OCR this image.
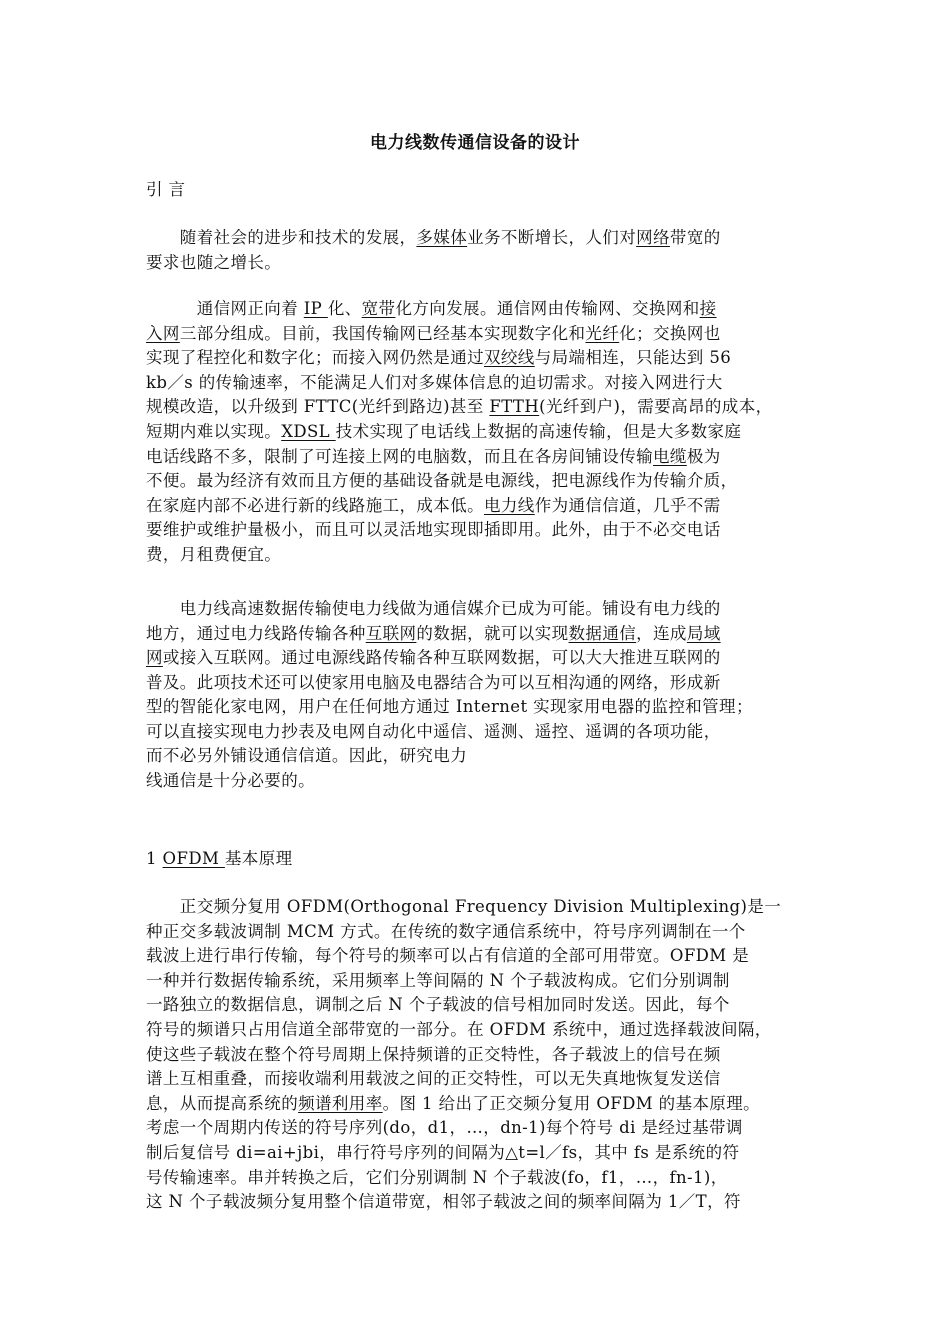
电力线数传通信设备的设计
引 言
　　随着社会的进步和技术的发展，多媒体业务不断增长，人们对网络带宽的
要求也随之增长。
　　　通信网正向着 IP 化、宽带化方向发展。通信网由传输网、交换网和接
入网三部分组成。目前，我国传输网已经基本实现数字化和光纤化；交换网也
实现了程控化和数字化；而接入网仍然是通过双绞线与局端相连，只能达到 56
kb／s 的传输速率，不能满足人们对多媒体信息的迫切需求。对接入网进行大
规模改造，以升级到 FTTC(光纤到路边)甚至 FTTH(光纤到户)，需要高昂的成本，
短期内难以实现。XDSL 技术实现了电话线上数据的高速传输，但是大多数家庭
电话线路不多，限制了可连接上网的电脑数，而且在各房间铺设传输电缆极为
不便。最为经济有效而且方便的基础设备就是电源线，把电源线作为传输介质，
在家庭内部不必进行新的线路施工，成本低。电力线作为通信信道，几乎不需
要维护或维护量极小，而且可以灵活地实现即插即用。此外，由于不必交电话
费，月租费便宜。
　　电力线高速数据传输使电力线做为通信媒介已成为可能。铺设有电力线的
地方，通过电力线路传输各种互联网的数据，就可以实现数据通信，连成局域
网或接入互联网。通过电源线路传输各种互联网数据，可以大大推进互联网的
普及。此项技术还可以使家用电脑及电器结合为可以互相沟通的网络，形成新
型的智能化家电网，用户在任何地方通过 Internet 实现家用电器的监控和管理；
可以直接实现电力抄表及电网自动化中遥信、遥测、遥控、遥调的各项功能，
而不必另外铺设通信信道。因此，研究电力
线通信是十分必要的。
1 OFDM 基本原理
　　正交频分复用 OFDM(Orthogonal Frequency Division Multiplexing)是一
种正交多载波调制 MCM 方式。在传统的数字通信系统中，符号序列调制在一个
载波上进行串行传输，每个符号的频率可以占有信道的全部可用带宽。OFDM 是
一种并行数据传输系统，采用频率上等间隔的 N 个子载波构成。它们分别调制
一路独立的数据信息，调制之后 N 个子载波的信号相加同时发送。因此，每个
符号的频谱只占用信道全部带宽的一部分。在 OFDM 系统中，通过选择载波间隔，
使这些子载波在整个符号周期上保持频谱的正交特性，各子载波上的信号在频
谱上互相重叠，而接收端利用载波之间的正交特性，可以无失真地恢复发送信
息，从而提高系统的频谱利用率。图 1 给出了正交频分复用 OFDM 的基本原理。
考虑一个周期内传送的符号序列(do，d1，…，dn-1)每个符号 di 是经过基带调
制后复信号 di=ai+jbi，串行符号序列的间隔为△t=l／fs，其中 fs 是系统的符
号传输速率。串并转换之后，它们分别调制 N 个子载波(fo，f1，…，fn-1)，
这 N 个子载波频分复用整个信道带宽，相邻子载波之间的频率间隔为 1／T，符
